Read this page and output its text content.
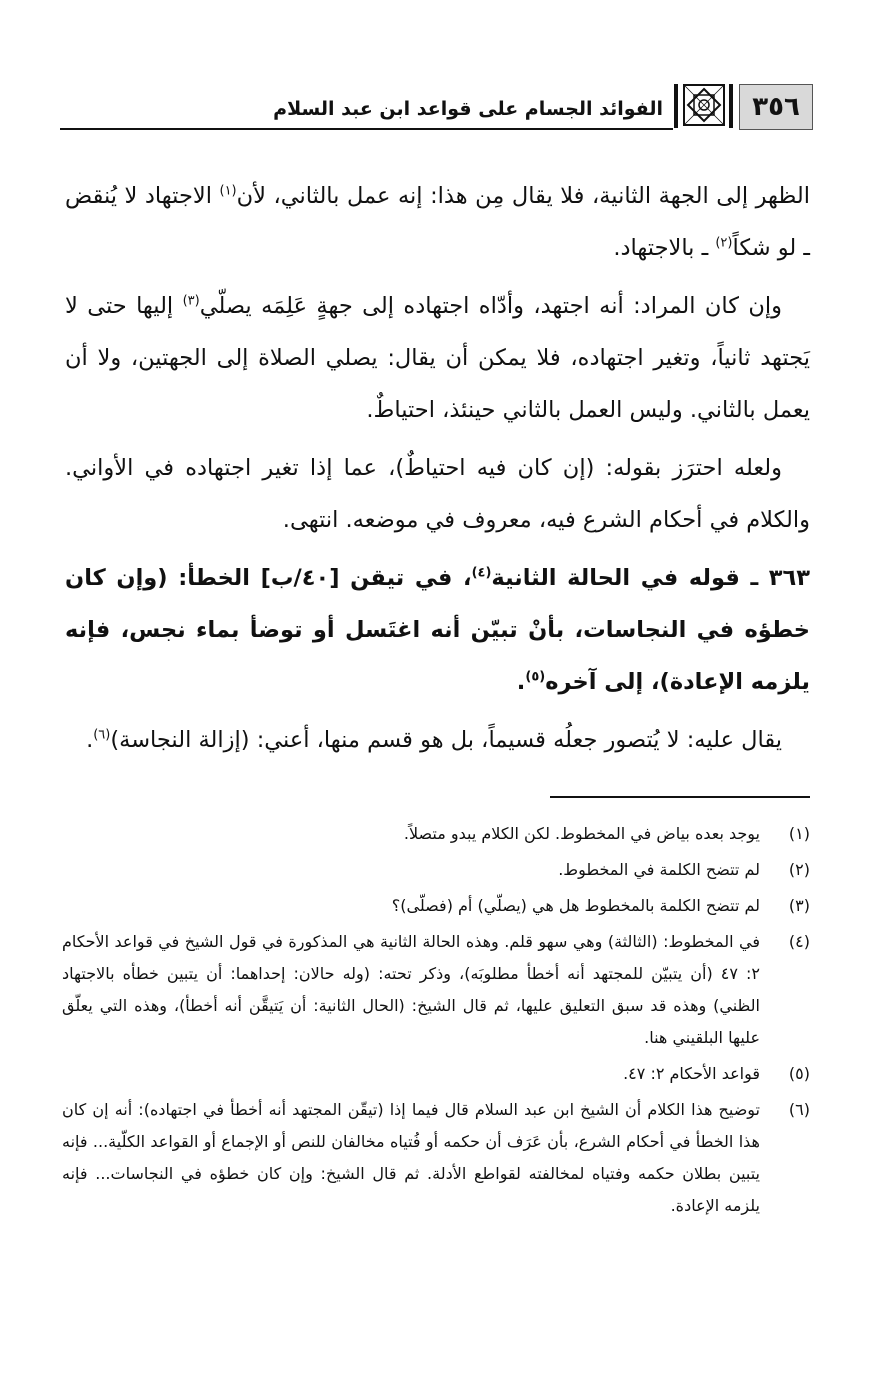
٣٥٦
الفوائد الجسام على قواعد ابن عبد السلام

الظهر إلى الجهة الثانية، فلا يقال مِن هذا: إنه عمل بالثاني، لأن$^{(١)}$ الاجتهاد لا يُنقض ـ لو شكاً$^{(٢)}$ ـ بالاجتهاد.

وإن كان المراد: أنه اجتهد، وأدّاه اجتهاده إلى جهةٍ عَلِمَه يصلّي$^{(٣)}$ إليها حتى لا يَجتهد ثانياً، وتغير اجتهاده، فلا يمكن أن يقال: يصلي الصلاة إلى الجهتين، ولا أن يعمل بالثاني. وليس العمل بالثاني حينئذ، احتياطٌ.

ولعله احترَز بقوله: (إن كان فيه احتياطٌ)، عما إذا تغير اجتهاده في الأواني. والكلام في أحكام الشرع فيه، معروف في موضعه. انتهى.

٣٦٣ ـ قوله في الحالة الثانية$^{(٤)}$، في تيقن [٤٠/ب] الخطأ: (وإن كان خطؤه في النجاسات، بأنْ تبيّن أنه اغتَسل أو توضأ بماء نجس، فإنه يلزمه الإعادة)، إلى آخره$^{(٥)}$.

يقال عليه: لا يُتصور جعلُه قسيماً، بل هو قسم منها، أعني: (إزالة النجاسة)$^{(٦)}$.

(١)
يوجد بعده بياض في المخطوط. لكن الكلام يبدو متصلاً.
(٢)
لم تتضح الكلمة في المخطوط.
(٣)
لم تتضح الكلمة بالمخطوط هل هي (يصلّي) أم (فصلّى)؟
(٤)
في المخطوط: (الثالثة) وهي سهو قلم. وهذه الحالة الثانية هي المذكورة في قول الشيخ في قواعد الأحكام ٢: ٤٧ (أن يتبيّن للمجتهد أنه أخطأ مطلوبَه)، وذكر تحته: (وله حالان: إحداهما: أن يتبين خطأه بالاجتهاد الظني) وهذه قد سبق التعليق عليها، ثم قال الشيخ: (الحال الثانية: أن يَتيقَّن أنه أخطأ)، وهذه التي يعلّق عليها البلقيني هنا.
(٥)
قواعد الأحكام ٢: ٤٧.
(٦)
توضيح هذا الكلام أن الشيخ ابن عبد السلام قال فيما إذا (تيقّن المجتهد أنه أخطأ في اجتهاده): أنه إن كان هذا الخطأ في أحكام الشرع، بأن عَرَف أن حكمه أو فُتياه مخالفان للنص أو الإجماع أو القواعد الكلّية... فإنه يتبين بطلان حكمه وفتياه لمخالفته لقواطع الأدلة. ثم قال الشيخ: وإن كان خطؤه في النجاسات... فإنه يلزمه الإعادة.
